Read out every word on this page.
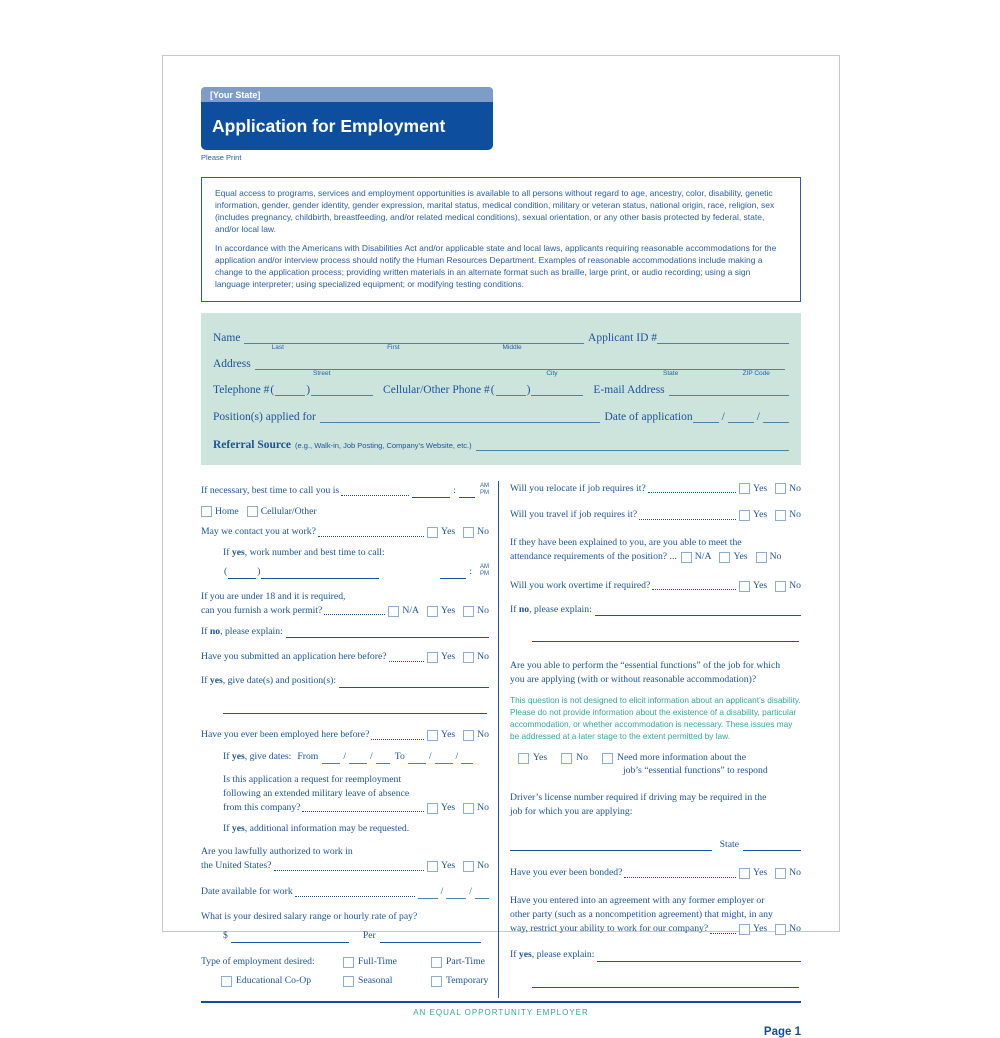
[Your State]
Application for Employment
Please Print

Equal access to programs, services and employment opportunities is available to all persons without regard to age, ancestry, color, disability, genetic information, gender, gender identity, gender expression, marital status, medical condition, military or veteran status, national origin, race, religion, sex (includes pregnancy, childbirth, breastfeeding, and/or related medical conditions), sexual orientation, or any other basis protected by federal, state, and/or local law.

In accordance with the Americans with Disabilities Act and/or applicable state and local laws, applicants requiring reasonable accommodations for the application and/or interview process should notify the Human Resources Department. Examples of reasonable accommodations include making a change to the application process; providing written materials in an alternate format such as braille, large print, or audio recording; using a sign language interpreter; using specialized equipment; or modifying testing conditions.

Name
Last	First	Middle
Applicant ID #
Address
Street	City	State	ZIP Code
Telephone # (	)	Cellular/Other Phone # (	)	E-mail Address
Position(s) applied for	Date of application	/	/
Referral Source (e.g., Walk-in, Job Posting, Company’s Website, etc.)
If necessary, best time to call you is	:	AM
PM
Home Cellular/Other
May we contact you at work?	Yes No
If yes, work number and best time to call:
(	)	:	AM
PM
If you are under 18 and it is required,
can you furnish a work permit?	N/A Yes No
If no, please explain:
Have you submitted an application here before?	Yes No
If yes, give date(s) and position(s):
Have you ever been employed here before?	Yes No
If yes, give dates: From	/	/	To	/	/
Is this application a request for reemployment
following an extended military leave of absence
from this company?	Yes No
If yes, additional information may be requested.
Are you lawfully authorized to work in
the United States?	Yes No
Date available for work	/	/
What is your desired salary range or hourly rate of pay?
$	Per
Type of employment desired:	Full-Time	Part-Time
Educational Co-Op	Seasonal	Temporary
Will you relocate if job requires it?	Yes No
Will you travel if job requires it?	Yes No
If they have been explained to you, are you able to meet the
attendance requirements of the position? ... N/A Yes No
Will you work overtime if required?	Yes No
If no, please explain:
Are you able to perform the “essential functions” of the job for which
you are applying (with or without reasonable accommodation)?
This question is not designed to elicit information about an applicant’s disability. Please do not provide information about the existence of a disability, particular accommodation, or whether accommodation is necessary. These issues may be addressed at a later stage to the extent permitted by law.
Yes	No	Need more information about the
job’s “essential functions” to respond
Driver’s license number required if driving may be required in the
job for which you are applying:
State
Have you ever been bonded?	Yes No
Have you entered into an agreement with any former employer or
other party (such as a noncompetition agreement) that might, in any
way, restrict your ability to work for our company?	Yes No
If yes, please explain:
AN EQUAL OPPORTUNITY EMPLOYER
Page 1
